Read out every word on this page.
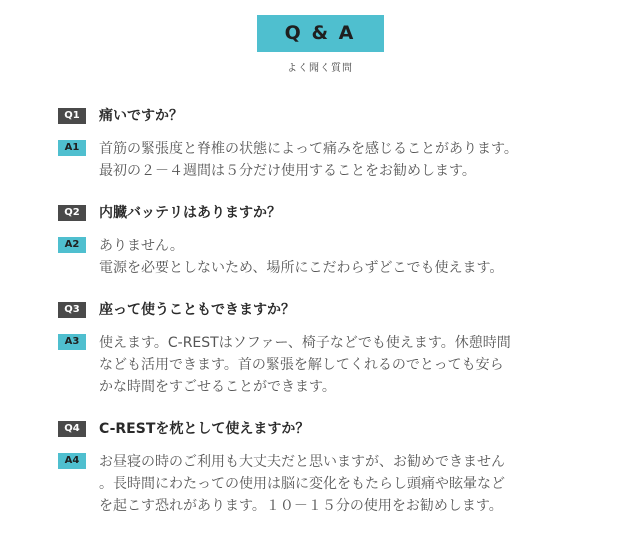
Q & A
よく聞く質問
Q1	痛いですか？
A1	首筋の緊張度と脊椎の状態によって痛みを感じることがあります。
最初の２－４週間は５分だけ使用することをお勧めします。
Q2	内臓バッテリはありますか？
A2	ありません。
電源を必要としないため、場所にこだわらずどこでも使えます。
Q3	座って使うこともできますか？
A3	使えます。C-RESTはソファー、椅子などでも使えます。休憩時間
なども活用できます。首の緊張を解してくれるのでとっても安ら
かな時間をすごせることができます。
Q4	C-RESTを枕として使えますか？
A4	お昼寝の時のご利用も大丈夫だと思いますが、お勧めできません
。長時間にわたっての使用は脳に変化をもたらし頭痛や眩暈など
を起こす恐れがあります。１０－１５分の使用をお勧めします。
